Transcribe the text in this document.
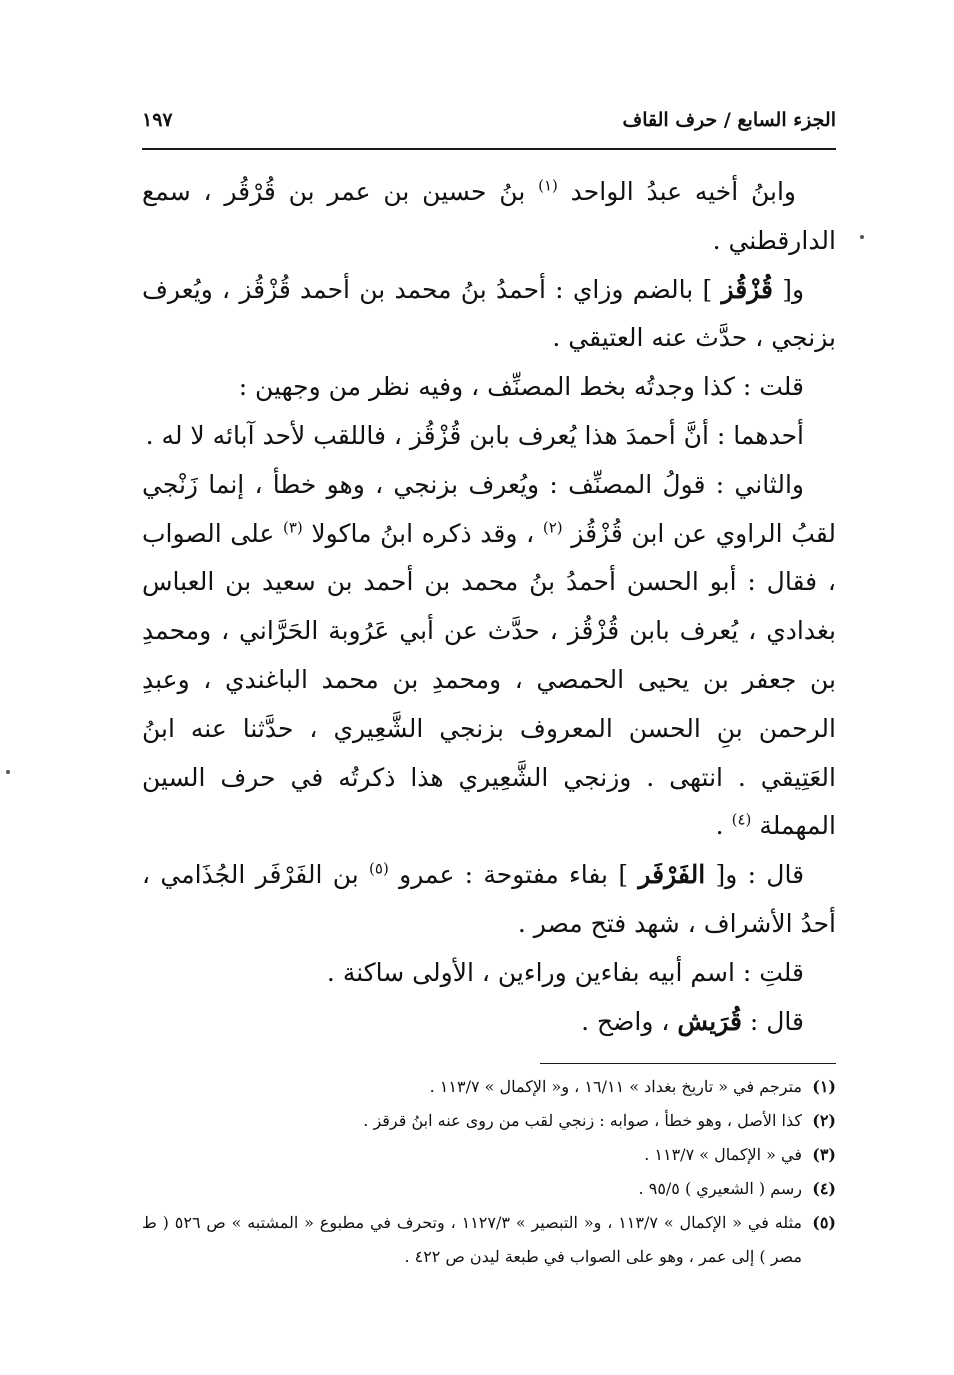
الجزء السابع / حرف القاف
١٩٧

وابنُ أخيه عبدُ الواحد $^{(١)}$ بنُ حسين بن عمر بن قُرْقُر ، سمع الدارقطني .

و[ قُزْقُز ] بالضم وزاي : أحمدُ بنُ محمد بن أحمد قُزْقُز ، ويُعرف بزنجي ، حدَّث عنه العتيقي .

قلت : كذا وجدتُه بخط المصنِّف ، وفيه نظر من وجهين :

أحدهما : أنَّ أحمدَ هذا يُعرف بابن قُزْقُز ، فاللقب لأحد آبائه لا له .

والثاني : قولُ المصنِّف : ويُعرف بزنجي ، وهو خطأ ، إنما زَنْجي لقبُ الراوي عن ابن قُزْقُز $^{(٢)}$ ، وقد ذكره ابنُ ماكولا $^{(٣)}$ على الصواب ، فقال : أبو الحسن أحمدُ بنُ محمد بن أحمد بن سعيد بن العباس بغدادي ، يُعرف بابن قُزْقُز ، حدَّث عن أبي عَرُوبة الحَرَّاني ، ومحمدِ بن جعفر بن يحيى الحمصي ، ومحمدِ بن محمد الباغندي ، وعبدِ الرحمن بنِ الحسن المعروف بزنجي الشَّعِيري ، حدَّثنا عنه ابنُ العَتِيقي . انتهى . وزنجي الشَّعِيري هذا ذكرتُه في حرف السين المهملة $^{(٤)}$ .

قال : و[ الفَرْفَر ] بفاء مفتوحة : عمرو $^{(٥)}$ بن الفَرْفَر الجُذَامي ، أحدُ الأشراف ، شهد فتح مصر .

قلتِ : اسم أبيه بفاءين وراءين ، الأولى ساكنة .

قال : قُرَيش ، واضح .

(١)
مترجم في « تاريخ بغداد » ١٦/١١ ، و« الإكمال » ١١٣/٧ .

(٢)
كذا الأصل ، وهو خطأ ، صوابه : زنجي لقب من روى عنه ابنُ قرقز .

(٣)
في « الإكمال » ١١٣/٧ .

(٤)
رسم ( الشعيري ) ٩٥/٥ .

(٥)
مثله في « الإكمال » ١١٣/٧ ، و« التبصير » ١١٢٧/٣ ، وتحرف في مطبوع « المشتبه » ص ٥٢٦ ( ط مصر ) إلى عمر ، وهو على الصواب في طبعة ليدن ص ٤٢٢ .
